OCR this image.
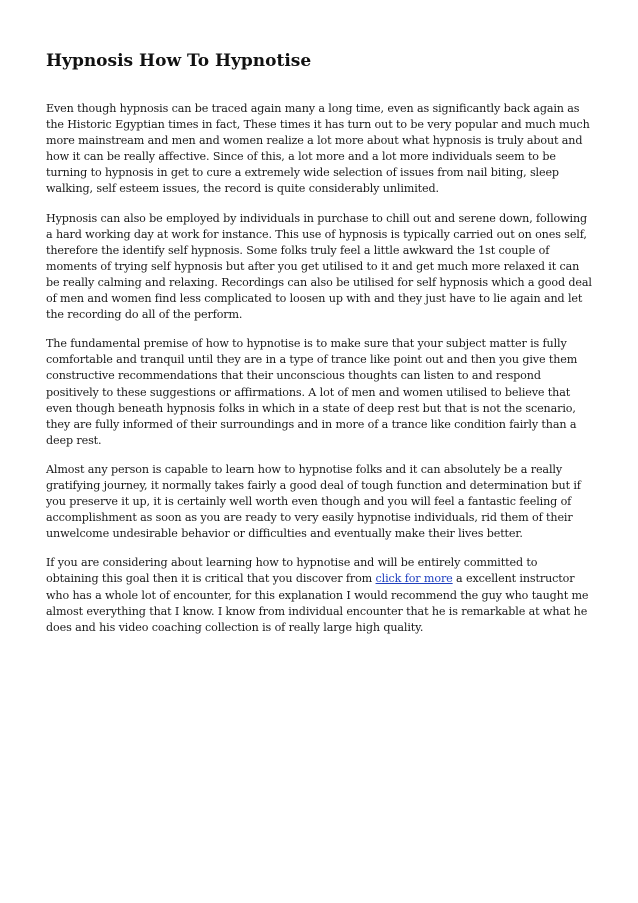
Hypnosis How To Hypnotise

Even though hypnosis can be traced again many a long time, even as significantly back again as the Historic Egyptian times in fact, These times it has turn out to be very popular and much much more mainstream and men and women realize a lot more about what hypnosis is truly about and how it can be really affective. Since of this, a lot more and a lot more individuals seem to be turning to hypnosis in get to cure a extremely wide selection of issues from nail biting, sleep walking, self esteem issues, the record is quite considerably unlimited.

Hypnosis can also be employed by individuals in purchase to chill out and serene down, following a hard working day at work for instance. This use of hypnosis is typically carried out on ones self, therefore the identify self hypnosis. Some folks truly feel a little awkward the 1st couple of moments of trying self hypnosis but after you get utilised to it and get much more relaxed it can be really calming and relaxing. Recordings can also be utilised for self hypnosis which a good deal of men and women find less complicated to loosen up with and they just have to lie again and let the recording do all of the perform.

The fundamental premise of how to hypnotise is to make sure that your subject matter is fully comfortable and tranquil until they are in a type of trance like point out and then you give them constructive recommendations that their unconscious thoughts can listen to and respond positively to these suggestions or affirmations. A lot of men and women utilised to believe that even though beneath hypnosis folks in which in a state of deep rest but that is not the scenario, they are fully informed of their surroundings and in more of a trance like condition fairly than a deep rest.

Almost any person is capable to learn how to hypnotise folks and it can absolutely be a really gratifying journey, it normally takes fairly a good deal of tough function and determination but if you preserve it up, it is certainly well worth even though and you will feel a fantastic feeling of accomplishment as soon as you are ready to very easily hypnotise individuals, rid them of their unwelcome undesirable behavior or difficulties and eventually make their lives better.

If you are considering about learning how to hypnotise and will be entirely committed to obtaining this goal then it is critical that you discover from click for more a excellent instructor who has a whole lot of encounter, for this explanation I would recommend the guy who taught me almost everything that I know. I know from individual encounter that he is remarkable at what he does and his video coaching collection is of really large high quality.
